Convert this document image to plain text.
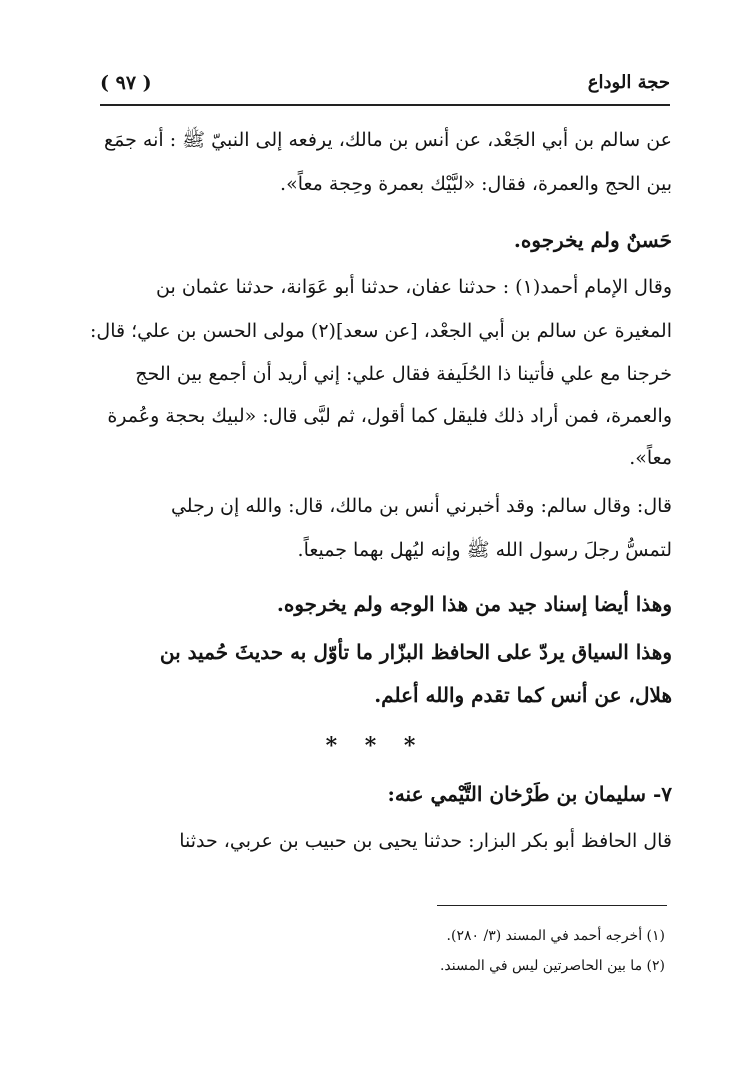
حجة الوداع
( ٩٧ )
عن سالم بن أبي الجَعْد، عن أنس بن مالك، يرفعه إلى النبيّ ﷺ : أنه جمَع
بين الحج والعمرة، فقال: «لبَّيْك بعمرة وحِجة معاً».
حَسنٌ ولم يخرجوه.
وقال الإمام أحمد(١) : حدثنا عفان، حدثنا أبو عَوَانة، حدثنا عثمان بن
المغيرة عن سالم بن أبي الجعْد، [عن سعد](٢) مولى الحسن بن علي؛ قال:
خرجنا مع علي فأتينا ذا الحُلَيفة فقال علي: إني أريد أن أجمع بين الحج
والعمرة، فمن أراد ذلك فليقل كما أقول، ثم لبَّى قال: «لبيك بحجة وعُمرة
معاً».
قال: وقال سالم: وقد أخبرني أنس بن مالك، قال: والله إن رجلي
لتمسُّ رجلَ رسول الله ﷺ وإنه ليُهل بهما جميعاً.
وهذا أيضا إسناد جيد من هذا الوجه ولم يخرجوه.
وهذا السياق يردّ على الحافظ البزّار ما تأوّل به حديثَ حُميد بن
هلال، عن أنس كما تقدم والله أعلم.
٧- سليمان بن طَرْخان التَّيْمي عنه:
قال الحافظ أبو بكر البزار: حدثنا يحيى بن حبيب بن عربي، حدثنا
* * *
(١) أخرجه أحمد في المسند (٣/ ٢٨٠).
(٢) ما بين الحاصرتين ليس في المسند.
